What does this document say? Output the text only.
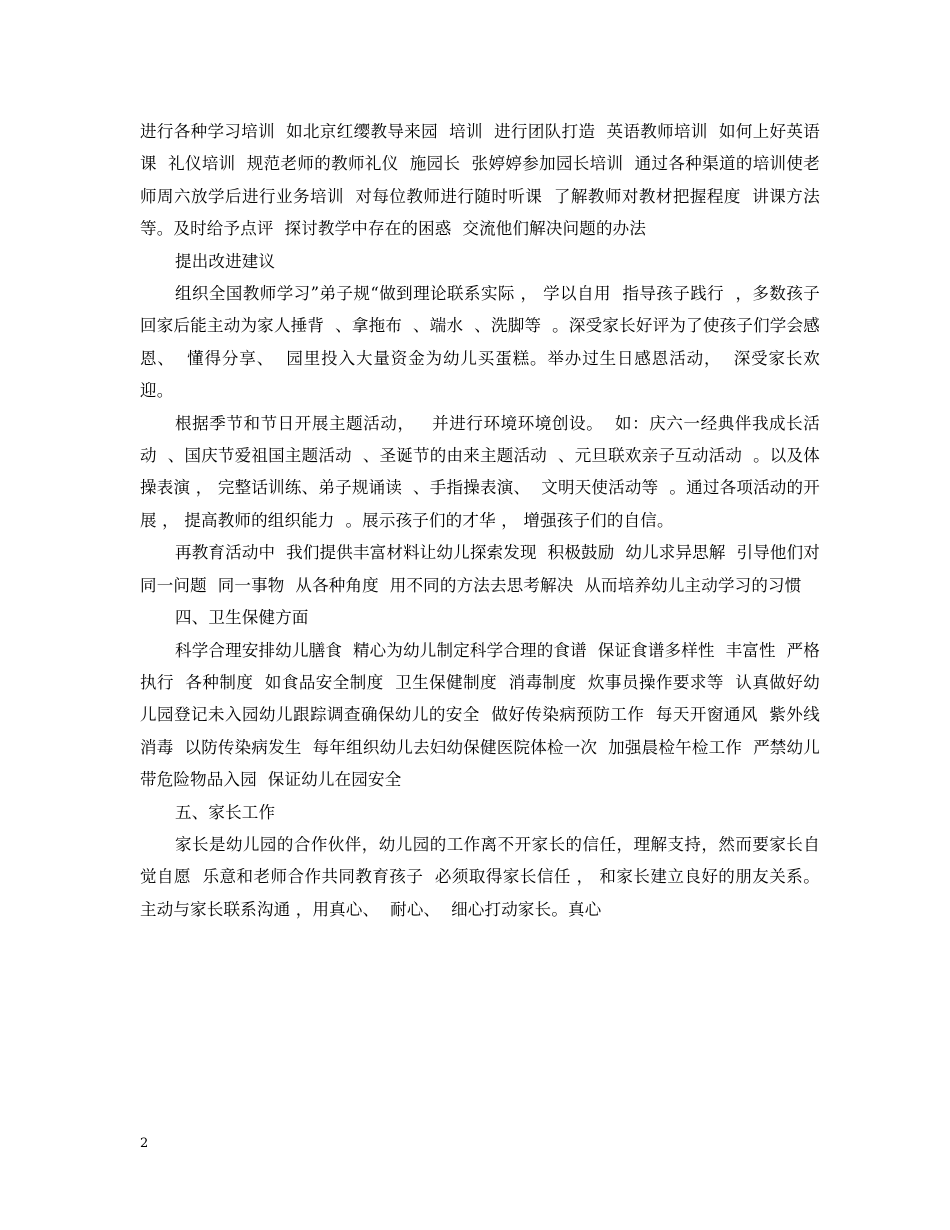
进行各种学习培训  如北京红缨教导来园  培训  进行团队打造  英语教师培训  如何上好英语课  礼仪培训  规范老师的教师礼仪  施园长  张婷婷参加园长培训  通过各种渠道的培训使老师周六放学后进行业务培训  对每位教师进行随时听课  了解教师对教材把握程度  讲课方法等。及时给予点评  探讨教学中存在的困惑  交流他们解决问题的办法

提出改进建议

组织全国教师学习”弟子规“做到理论联系实际 ， 学以自用  指导孩子践行  ，多数孩子回家后能主动为家人捶背  、拿拖布  、端水  、洗脚等  。深受家长好评为了使孩子们学会感恩、  懂得分享、  园里投入大量资金为幼儿买蛋糕。举办过生日感恩活动，  深受家长欢迎。

根据季节和节日开展主题活动，   并进行环境环境创设。  如：庆六一经典伴我成长活动  、国庆节爱祖国主题活动  、圣诞节的由来主题活动  、元旦联欢亲子互动活动  。以及体操表演 ， 完整话训练、弟子规诵读  、手指操表演、  文明天使活动等  。通过各项活动的开展 ， 提高教师的组织能力  。展示孩子们的才华 ， 增强孩子们的自信。

再教育活动中  我们提供丰富材料让幼儿探索发现  积极鼓励  幼儿求异思解  引导他们对同一问题  同一事物  从各种角度  用不同的方法去思考解决  从而培养幼儿主动学习的习惯

四、卫生保健方面

科学合理安排幼儿膳食  精心为幼儿制定科学合理的食谱  保证食谱多样性  丰富性  严格执行  各种制度  如食品安全制度  卫生保健制度  消毒制度  炊事员操作要求等  认真做好幼儿园登记未入园幼儿跟踪调查确保幼儿的安全  做好传染病预防工作  每天开窗通风  紫外线消毒  以防传染病发生  每年组织幼儿去妇幼保健医院体检一次  加强晨检午检工作  严禁幼儿带危险物品入园  保证幼儿在园安全

五、家长工作

家长是幼儿园的合作伙伴，幼儿园的工作离不开家长的信任，理解支持，然而要家长自觉自愿  乐意和老师合作共同教育孩子  必须取得家长信任 ， 和家长建立良好的朋友关系。  主动与家长联系沟通 ，用真心、  耐心、  细心打动家长。真心

2
